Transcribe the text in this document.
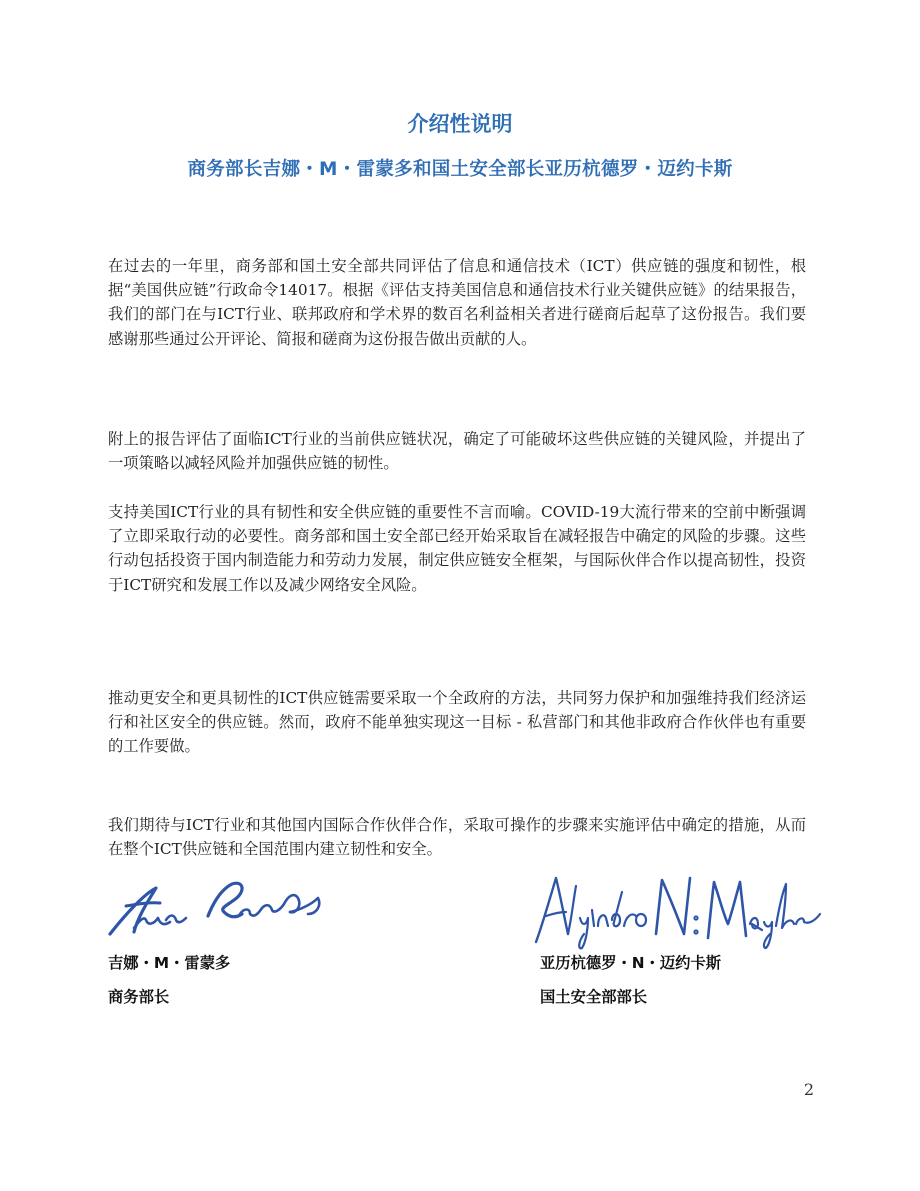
介绍性说明
商务部长吉娜・M・雷蒙多和国土安全部长亚历杭德罗・迈约卡斯

在过去的一年里，商务部和国土安全部共同评估了信息和通信技术（ICT）供应链的强度和韧性，根据“美国供应链”行政命令14017。根据《评估支持美国信息和通信技术行业关键供应链》的结果报告，我们的部门在与ICT行业、联邦政府和学术界的数百名利益相关者进行磋商后起草了这份报告。我们要感谢那些通过公开评论、简报和磋商为这份报告做出贡献的人。

附上的报告评估了面临ICT行业的当前供应链状况，确定了可能破坏这些供应链的关键风险，并提出了一项策略以减轻风险并加强供应链的韧性。

支持美国ICT行业的具有韧性和安全供应链的重要性不言而喻。COVID-19大流行带来的空前中断强调了立即采取行动的必要性。商务部和国土安全部已经开始采取旨在减轻报告中确定的风险的步骤。这些行动包括投资于国内制造能力和劳动力发展，制定供应链安全框架，与国际伙伴合作以提高韧性，投资于ICT研究和发展工作以及减少网络安全风险。

推动更安全和更具韧性的ICT供应链需要采取一个全政府的方法，共同努力保护和加强维持我们经济运行和社区安全的供应链。然而，政府不能单独实现这一目标 - 私营部门和其他非政府合作伙伴也有重要的工作要做。

我们期待与ICT行业和其他国内国际合作伙伴合作，采取可操作的步骤来实施评估中确定的措施，从而在整个ICT供应链和全国范围内建立韧性和安全。

吉娜・M・雷蒙多

商务部长

亚历杭德罗・N・迈约卡斯

国土安全部部长

2
